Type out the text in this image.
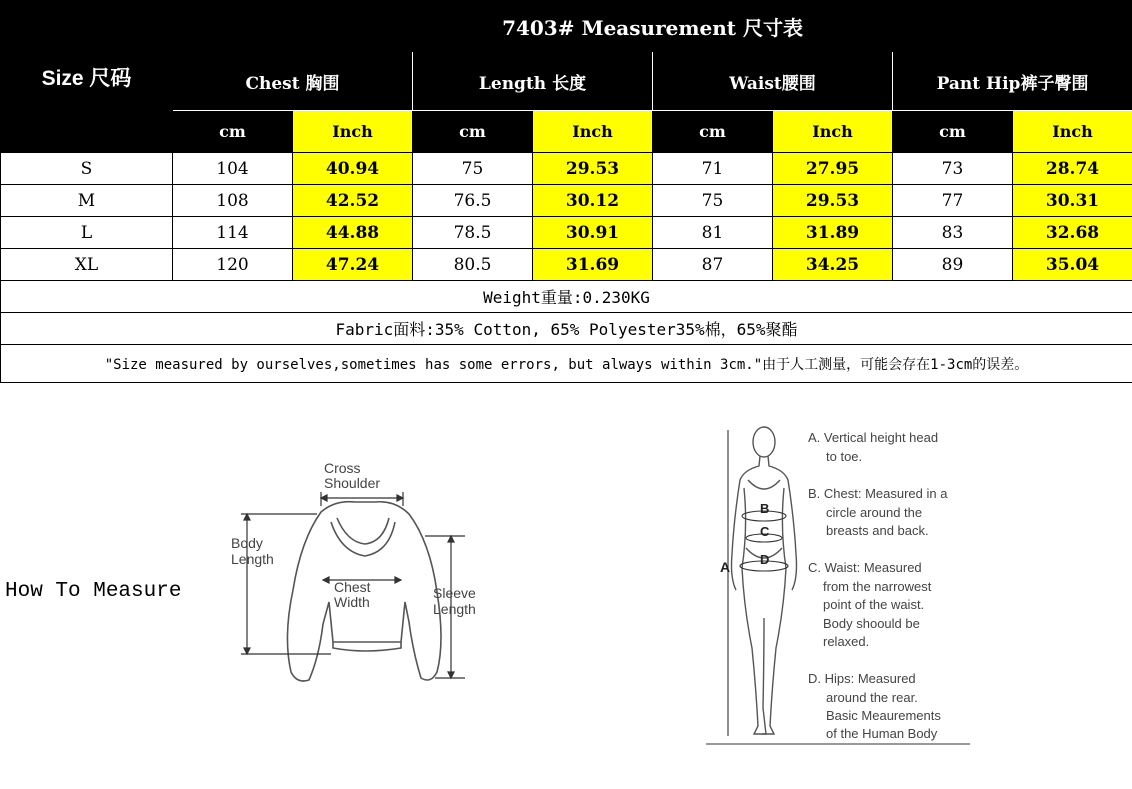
Size 尺码	7403# Measurement 尺寸表							
	Chest 胸围		Length 长度		Waist腰围		Pant Hip裤子臀围	
	cm	Inch	cm	Inch	cm	Inch	cm	Inch
S	104	40.94	75	29.53	71	27.95	73	28.74
M	108	42.52	76.5	30.12	75	29.53	77	30.31
L	114	44.88	78.5	30.91	81	31.89	83	32.68
XL	120	47.24	80.5	31.69	87	34.25	89	35.04
Weight重量:0.230KG								
Fabric面料:35% Cotton, 65% Polyester35%棉，65%聚酯								
"Size measured by ourselves,sometimes has some errors, but always within 3cm."由于人工测量，可能会存在1-3cm的误差。								
How To Measure
Cross
Shoulder
Body
Length
Chest
Width
Sleeve
Length
A
B
C
D
A. Vertical height head
to toe.
B. Chest: Measured in a
circle around the
breasts and back.
C. Waist: Measured
from the narrowest
point of the waist.
Body shoould be
relaxed.
D. Hips: Measured
around the rear.
Basic Meaurements
of the Human Body
